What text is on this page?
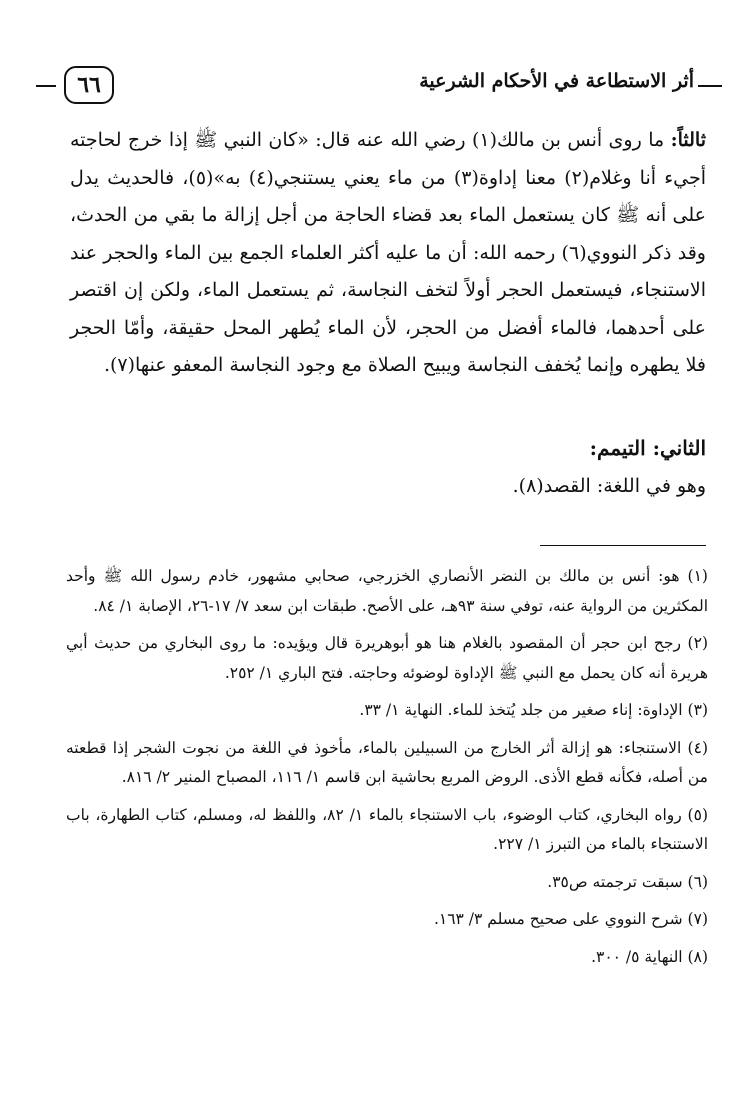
٦٦	أثر الاستطاعة في الأحكام الشرعية

ثالثاً: ما روى أنس بن مالك(١) رضي الله عنه قال: «كان النبي ﷺ إذا خرج لحاجته أجيء أنا وغلام(٢) معنا إداوة(٣) من ماء يعني يستنجي(٤) به»(٥)، فالحديث يدل على أنه ﷺ كان يستعمل الماء بعد قضاء الحاجة من أجل إزالة ما بقي من الحدث، وقد ذكر النووي(٦) رحمه الله: أن ما عليه أكثر العلماء الجمع بين الماء والحجر عند الاستنجاء، فيستعمل الحجر أولاً لتخف النجاسة، ثم يستعمل الماء، ولكن إن اقتصر على أحدهما، فالماء أفضل من الحجر، لأن الماء يُطهر المحل حقيقة، وأمّا الحجر فلا يطهره وإنما يُخفف النجاسة ويبيح الصلاة مع وجود النجاسة المعفو عنها(٧).

الثاني: التيمم:
وهو في اللغة: القصد(٨).

(١) هو: أنس بن مالك بن النضر الأنصاري الخزرجي، صحابي مشهور، خادم رسول الله ﷺ وأحد المكثرين من الرواية عنه، توفي سنة ٩٣هـ، على الأصح. طبقات ابن سعد ٧/ ١٧-٢٦، الإصابة ١/ ٨٤.

(٢) رجح ابن حجر أن المقصود بالغلام هنا هو أبوهريرة قال ويؤيده: ما روى البخاري من حديث أبي هريرة أنه كان يحمل مع النبي ﷺ الإداوة لوضوئه وحاجته. فتح الباري ١/ ٢٥٢.

(٣) الإداوة: إناء صغير من جلد يُتخذ للماء. النهاية ١/ ٣٣.

(٤) الاستنجاء: هو إزالة أثر الخارج من السبيلين بالماء، مأخوذ في اللغة من نجوت الشجر إذا قطعته من أصله، فكأنه قطع الأذى. الروض المربع بحاشية ابن قاسم ١/ ١١٦، المصباح المنير ٢/ ٨١٦.

(٥) رواه البخاري، كتاب الوضوء، باب الاستنجاء بالماء ١/ ٨٢، واللفظ له، ومسلم، كتاب الطهارة، باب الاستنجاء بالماء من التبرز ١/ ٢٢٧.

(٦) سبقت ترجمته ص٣٥.

(٧) شرح النووي على صحيح مسلم ٣/ ١٦٣.

(٨) النهاية ٥/ ٣٠٠.
